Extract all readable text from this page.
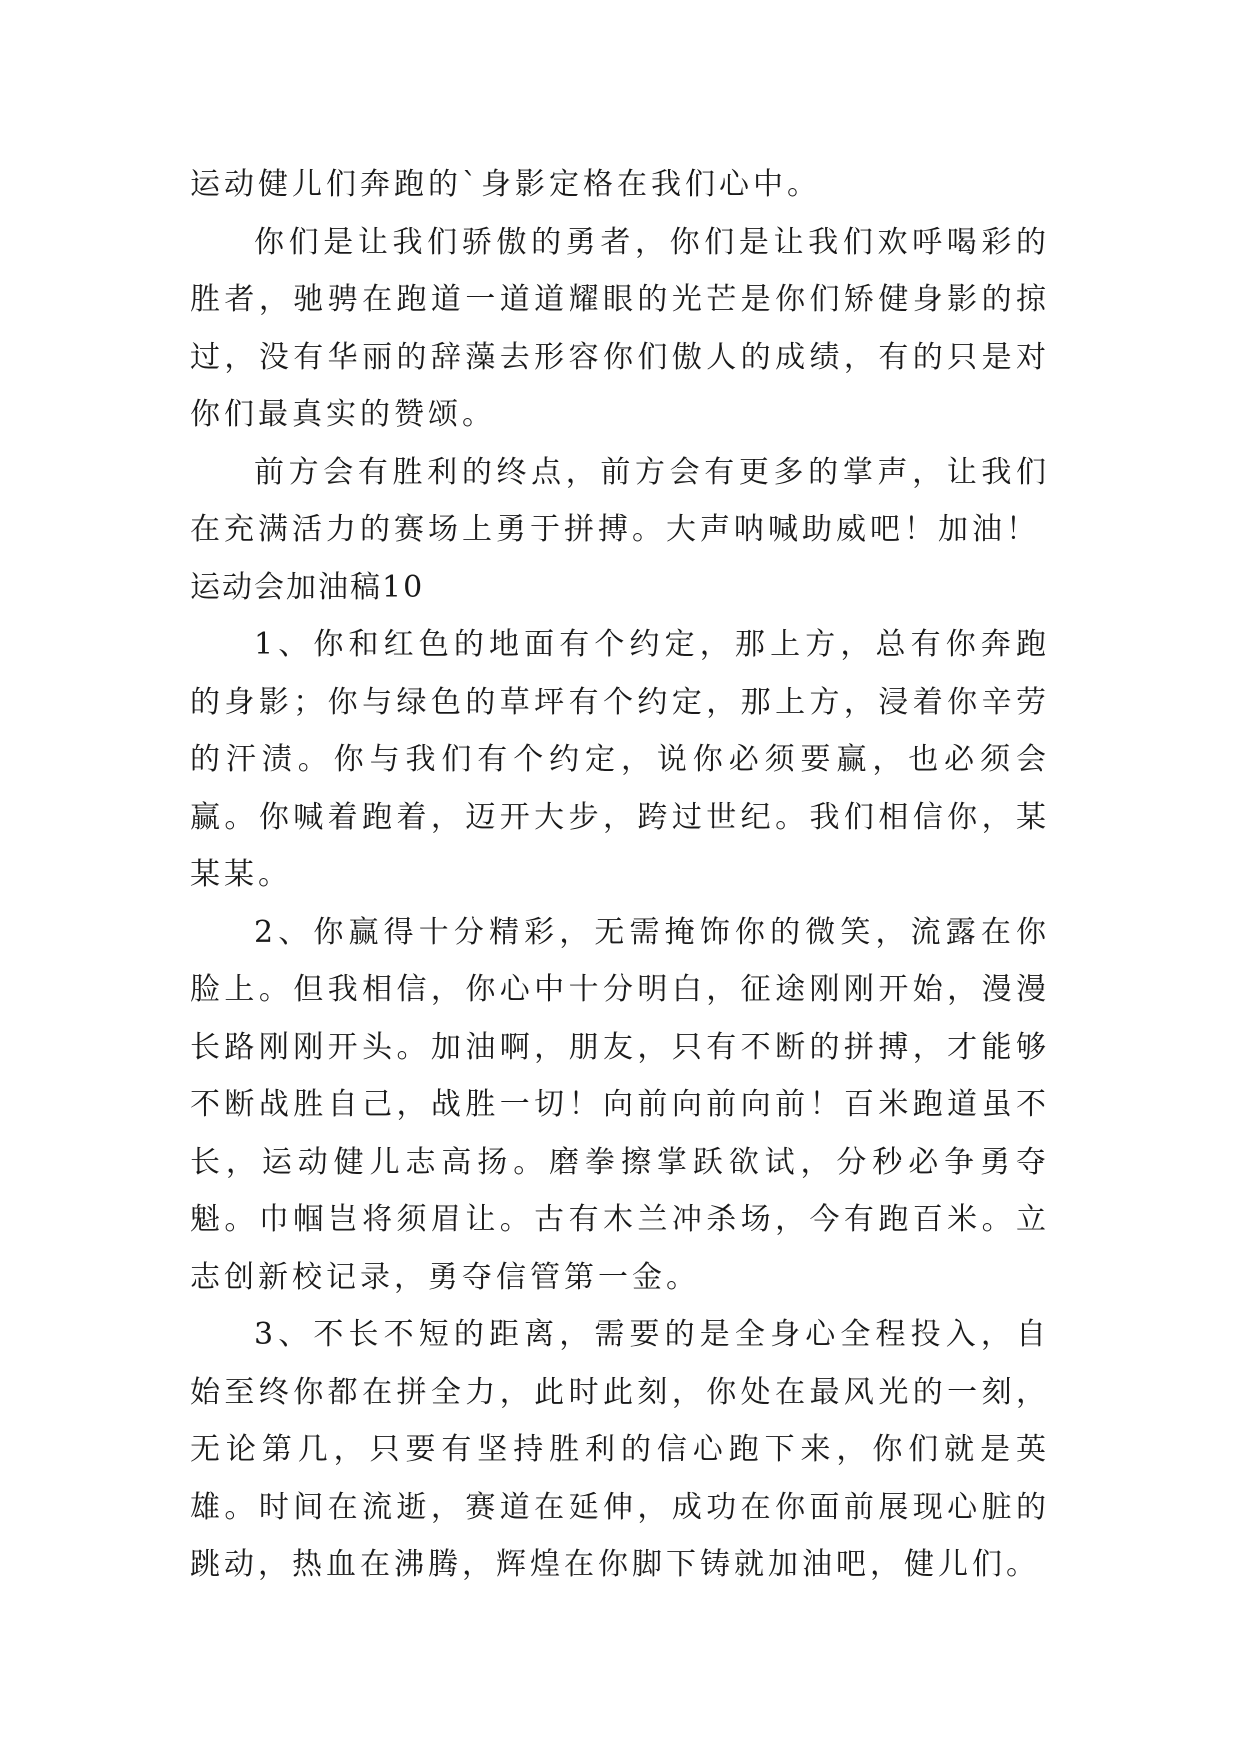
运动健儿们奔跑的`身影定格在我们心中。

你们是让我们骄傲的勇者，你们是让我们欢呼喝彩的胜者，驰骋在跑道一道道耀眼的光芒是你们矫健身影的掠过，没有华丽的辞藻去形容你们傲人的成绩，有的只是对你们最真实的赞颂。

前方会有胜利的终点，前方会有更多的掌声，让我们在充满活力的赛场上勇于拼搏。大声呐喊助威吧！加油！

运动会加油稿10

1、你和红色的地面有个约定，那上方，总有你奔跑的身影；你与绿色的草坪有个约定，那上方，浸着你辛劳的汗渍。你与我们有个约定，说你必须要赢，也必须会赢。你喊着跑着，迈开大步，跨过世纪。我们相信你，某某某。

2、你赢得十分精彩，无需掩饰你的微笑，流露在你脸上。但我相信，你心中十分明白，征途刚刚开始，漫漫长路刚刚开头。加油啊，朋友，只有不断的拼搏，才能够不断战胜自己，战胜一切！向前向前向前！百米跑道虽不长，运动健儿志高扬。磨拳擦掌跃欲试，分秒必争勇夺魁。巾帼岂将须眉让。古有木兰冲杀场，今有跑百米。立志创新校记录，勇夺信管第一金。

3、不长不短的距离，需要的是全身心全程投入，自始至终你都在拼全力，此时此刻，你处在最风光的一刻，无论第几，只要有坚持胜利的信心跑下来，你们就是英雄。时间在流逝，赛道在延伸，成功在你面前展现心脏的跳动，热血在沸腾，辉煌在你脚下铸就加油吧，健儿们。
